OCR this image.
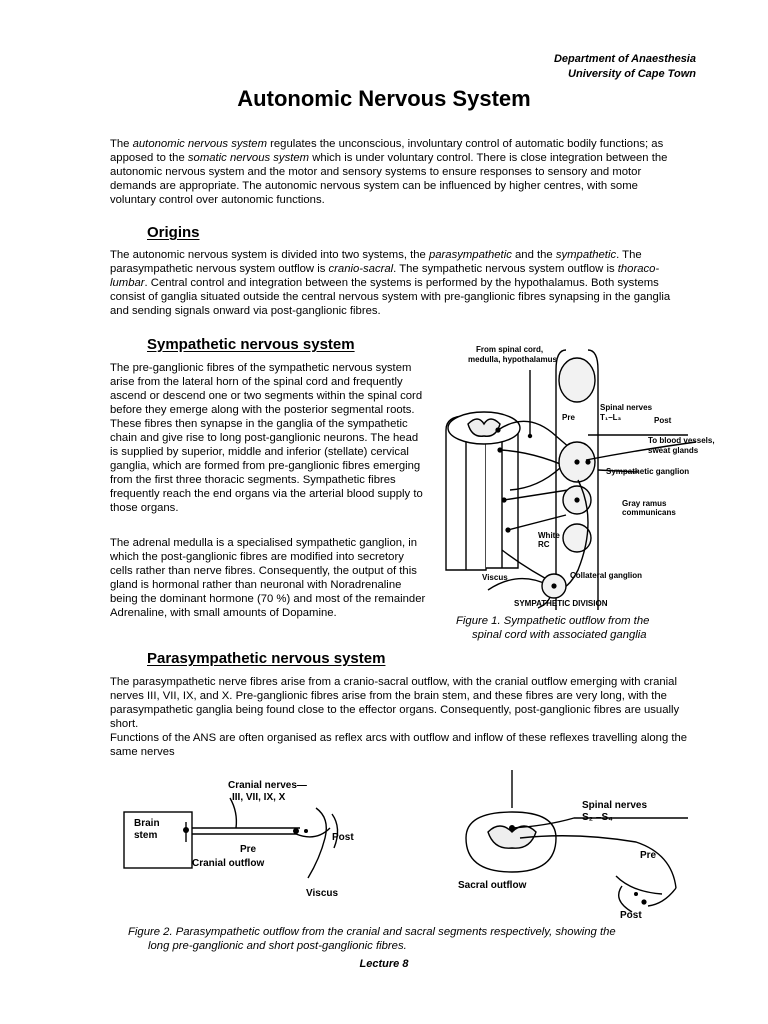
Department of Anaesthesia
University of Cape Town
Autonomic Nervous System

The autonomic nervous system regulates the unconscious, involuntary control of automatic bodily functions; as apposed to the somatic nervous system which is under voluntary control. There is close integration between the autonomic nervous system and the motor and sensory systems to ensure responses to sensory and motor demands are appropriate. The autonomic nervous system can be influenced by higher centres, with some voluntary control over autonomic functions.

Origins

The autonomic nervous system is divided into two systems, the parasympathetic and the sympathetic. The parasympathetic nervous system outflow is cranio-sacral. The sympathetic nervous system outflow is thoraco-lumbar. Central control and integration between the systems is performed by the hypothalamus. Both systems consist of ganglia situated outside the central nervous system with pre-ganglionic fibres synapsing in the ganglia and sending signals onward via post-ganglionic fibres.

Sympathetic nervous system

The pre-ganglionic fibres of the sympathetic nervous system arise from the lateral horn of the spinal cord and frequently ascend or descend one or two segments within the spinal cord before they emerge along with the posterior segmental roots. These fibres then synapse in the ganglia of the sympathetic chain and give rise to long post-ganglionic neurons. The head is supplied by superior, middle and inferior (stellate) cervical ganglia, which are formed from pre-ganglionic fibres emerging from the first three thoracic segments. Sympathetic fibres frequently reach the end organs via the arterial blood supply to those organs.

The adrenal medulla is a specialised sympathetic ganglion, in which the post-ganglionic fibres are modified into secretory cells rather than nerve fibres. Consequently, the output of this gland is hormonal rather than neuronal with Noradrenaline being the dominant hormone (70 %) and most of the remainder Adrenaline, with small amounts of Dopamine.

From spinal cord,
medulla, hypothalamus
Pre
Spinal nerves
T₁–L₃	Post
To blood vessels,
sweat glands
Sympathetic ganglion
Gray ramus
communicans
White
RC
Viscus	Collateral ganglion
SYMPATHETIC DIVISION
Figure 1. Sympathetic outflow from the
spinal cord with associated ganglia
Parasympathetic nervous system

The parasympathetic nerve fibres arise from a cranio-sacral outflow, with the cranial outflow emerging with cranial nerves III, VII, IX, and X. Pre-ganglionic fibres arise from the brain stem, and these fibres are very long, with the parasympathetic ganglia being found close to the effector organs. Consequently, post-ganglionic fibres are usually short.

Functions of the ANS are often organised as reflex arcs with outflow and inflow of these reflexes travelling along the same nerves

Cranial nerves—
III, VII, IX, X
Brain
stem	Post
Pre
Cranial outflow
Viscus
Spinal nerves
S₂ –S₄
Pre
Sacral outflow
Post
Figure 2. Parasympathetic outflow from the cranial and sacral segments respectively, showing the
long pre-ganglionic and short post-ganglionic fibres.
Lecture 8
